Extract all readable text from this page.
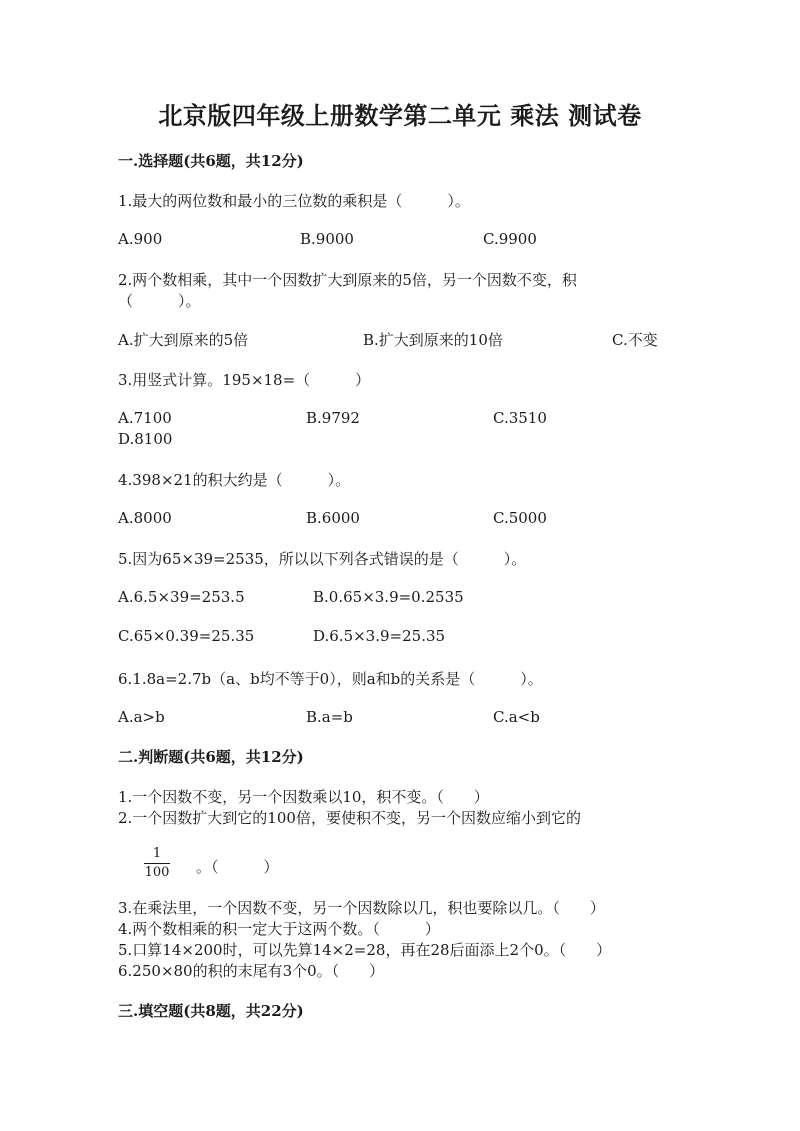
北京版四年级上册数学第二单元 乘法 测试卷
一.选择题(共6题，共12分)
1.最大的两位数和最小的三位数的乘积是（　　　）。
A.900	B.9000	C.9900
2.两个数相乘，其中一个因数扩大到原来的5倍，另一个因数不变，积
（　　　）。
A.扩大到原来的5倍	B.扩大到原来的10倍	C.不变
3.用竖式计算。195×18=（　　　）
A.7100	B.9792	C.3510
D.8100
4.398×21的积大约是（　　　）。
A.8000	B.6000	C.5000
5.因为65×39=2535，所以以下列各式错误的是（　　　）。
A.6.5×39=253.5	B.0.65×3.9=0.2535
C.65×0.39=25.35	D.6.5×3.9=25.35
6.1.8a=2.7b（a、b均不等于0），则a和b的关系是（　　　）。
A.a>b	B.a=b	C.a<b
二.判断题(共6题，共12分)
1.一个因数不变，另一个因数乘以10，积不变。（　　）
2.一个因数扩大到它的100倍，要使积不变，另一个因数应缩小到它的
1
100 。（　　　）
3.在乘法里，一个因数不变，另一个因数除以几，积也要除以几。（　　）
4.两个数相乘的积一定大于这两个数。（　　　）
5.口算14×200时，可以先算14×2=28，再在28后面添上2个0。（　　）
6.250×80的积的末尾有3个0。（　　）
三.填空题(共8题，共22分)
